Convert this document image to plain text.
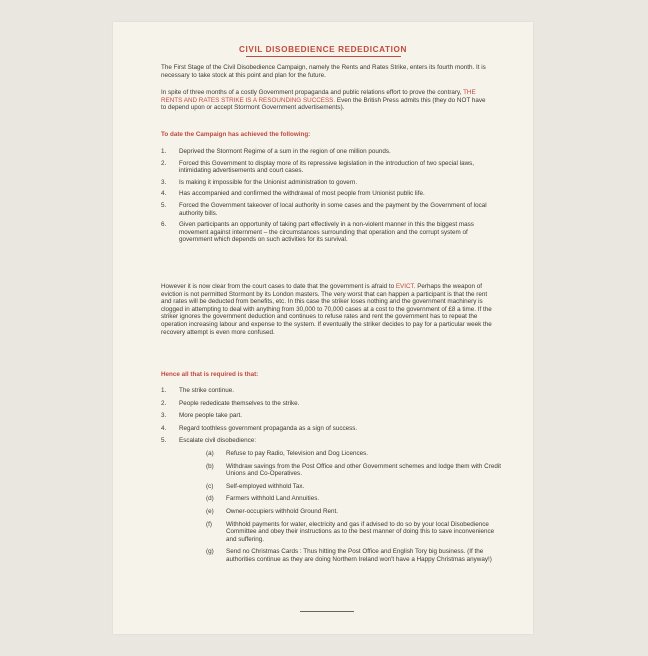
CIVIL DISOBEDIENCE REDEDICATION
The First Stage of the Civil Disobedience Campaign, namely the Rents and Rates Strike, enters its fourth month. It is necessary to take stock at this point and plan for the future.
In spite of three months of a costly Government propaganda and public relations effort to prove the contrary, THE RENTS AND RATES STRIKE IS A RESOUNDING SUCCESS. Even the British Press admits this (they do NOT have to depend upon or accept Stormont Government advertisements).
To date the Campaign has achieved the following:
1.	Deprived the Stormont Regime of a sum in the region of one million pounds.
2.	Forced this Government to display more of its repressive legislation in the introduction of two special laws, intimidating advertisements and court cases.
3.	Is making it impossible for the Unionist administration to govern.
4.	Has accompanied and confirmed the withdrawal of most people from Unionist public life.
5.	Forced the Government takeover of local authority in some cases and the payment by the Government of local authority bills.
6.	Given participants an opportunity of taking part effectively in a non-violent manner in this the biggest mass movement against internment – the circumstances surrounding that operation and the corrupt system of government which depends on such activities for its survival.
However it is now clear from the court cases to date that the government is afraid to EVICT. Perhaps the weapon of eviction is not permitted Stormont by its London masters. The very worst that can happen a participant is that the rent and rates will be deducted from benefits, etc. In this case the striker loses nothing and the government machinery is clogged in attempting to deal with anything from 30,000 to 70,000 cases at a cost to the government of £8 a time. If the striker ignores the government deduction and continues to refuse rates and rent the government has to repeat the operation increasing labour and expense to the system. If eventually the striker decides to pay for a particular week the recovery attempt is even more confused.
Hence all that is required is that:
1.	The strike continue.
2.	People rededicate themselves to the strike.
3.	More people take part.
4.	Regard toothless government propaganda as a sign of success.
5.	Escalate civil disobedience:
(a)	Refuse to pay Radio, Television and Dog Licences.
(b)	Withdraw savings from the Post Office and other Government schemes and lodge them with Credit Unions and Co-Operatives.
(c)	Self-employed withhold Tax.
(d)	Farmers withhold Land Annuities.
(e)	Owner-occupiers withhold Ground Rent.
(f)	Withhold payments for water, electricity and gas if advised to do so by your local Disobedience Committee and obey their instructions as to the best manner of doing this to save inconvenience and suffering.
(g)	Send no Christmas Cards : Thus hitting the Post Office and English Tory big business. (If the authorities continue as they are doing Northern Ireland won't have a Happy Christmas anyway!)
